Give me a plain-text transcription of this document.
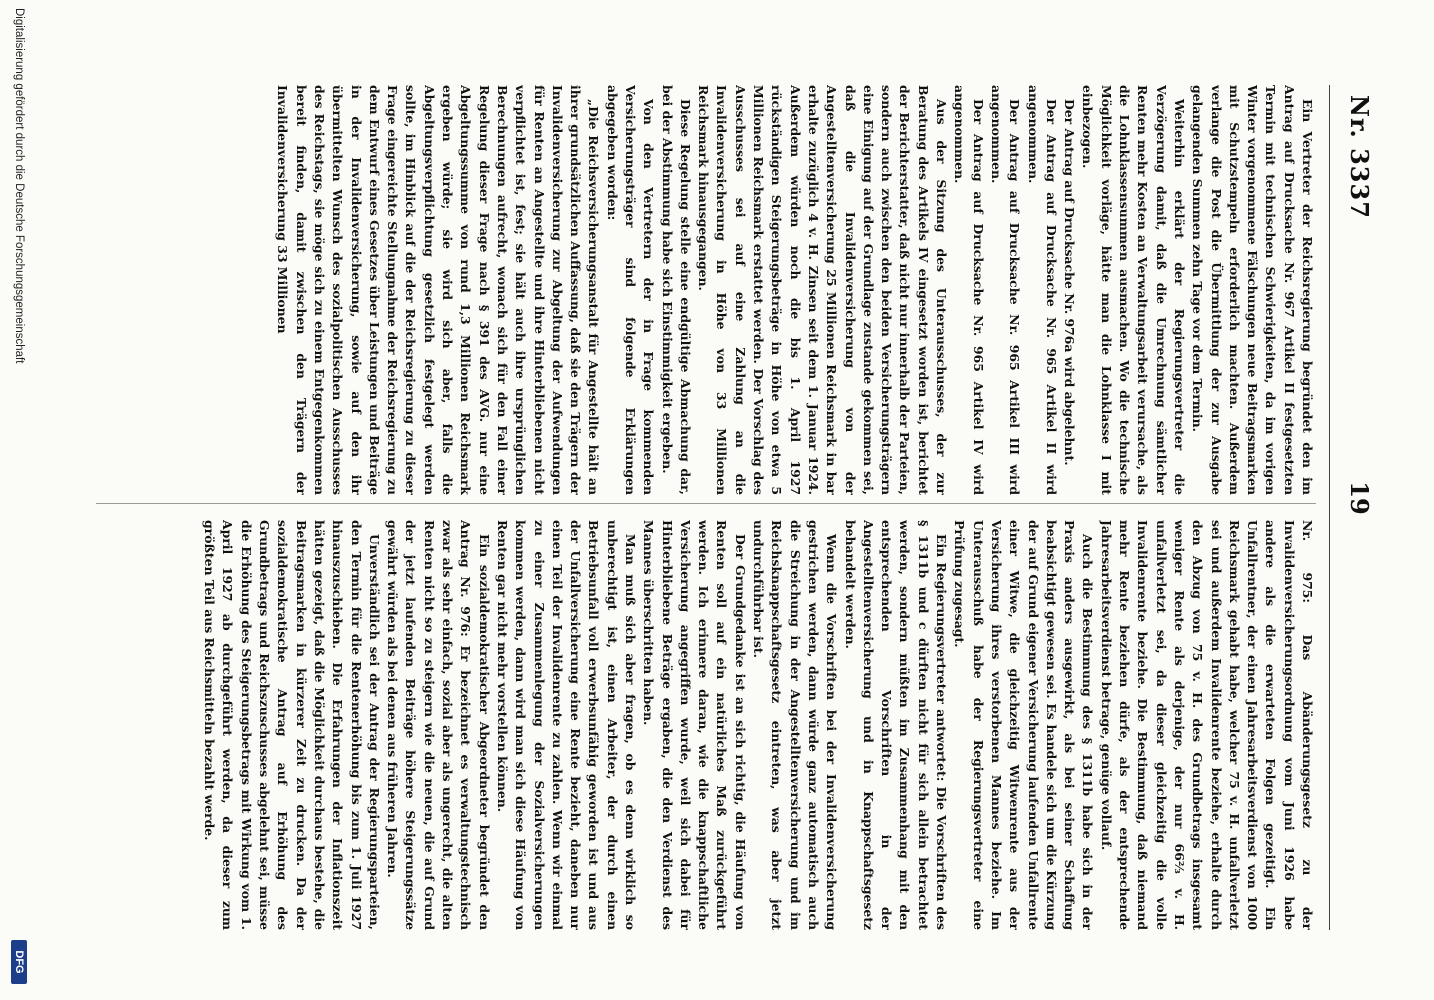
Nr. 3337
19

Ein Vertreter der Reichsregierung begründet den im Antrag auf Drucksache Nr. 967 Artikel II festgesetzten Termin mit technischen Schwierigkeiten, da im vorigen Winter vorgenommene Fälschungen neue Beitragsmarken mit Schutzstempeln erforderlich machten. Außerdem verlange die Post die Übermittlung der zur Ausgabe gelangenden Summen zehn Tage vor dem Termin.

Weiterhin erklärt der Regierungsvertreter die Verzögerung damit, daß die Umrechnung sämtlicher Renten mehr Kosten an Verwaltungsarbeit verursache, als die Lohnklassensummen ausmachen. Wo die technische Möglichkeit vorläge, hätte man die Lohnklasse I mit einbezogen.

Der Antrag auf Drucksache Nr. 976a wird abgelehnt.

Der Antrag auf Drucksache Nr. 965 Artikel II wird angenommen.

Der Antrag auf Drucksache Nr. 965 Artikel III wird angenommen.

Der Antrag auf Drucksache Nr. 965 Artikel IV wird angenommen.

Aus der Sitzung des Unterausschusses, der zur Beratung des Artikels IV eingesetzt worden ist, berichtet der Berichterstatter, daß nicht nur innerhalb der Parteien, sondern auch zwischen den beiden Versicherungsträgern eine Einigung auf der Grundlage zustande gekommen sei, daß die Invalidenversicherung von der Angestelltenversicherung 25 Millionen Reichsmark in bar erhalte zuzüglich 4 v. H. Zinsen seit dem 1. Januar 1924. Außerdem würden noch die bis 1. April 1927 rückständigen Steigerungsbeträge in Höhe von etwa 5 Millionen Reichsmark erstattet werden. Der Vorschlag des Ausschusses sei auf eine Zahlung an die Invalidenversicherung in Höhe von 33 Millionen Reichsmark hinausgegangen.

Diese Regelung stelle eine endgültige Abmachung dar, bei der Abstimmung habe sich Einstimmigkeit ergeben.

Von den Vertretern der in Frage kommenden Versicherungsträger sind folgende Erklärungen abgegeben worden:

„Die Reichsversicherungsanstalt für Angestellte hält an ihrer grundsätzlichen Auffassung, daß sie den Trägern der Invalidenversicherung zur Abgeltung der Aufwendungen für Renten an Angestellte und ihre Hinterbliebenen nicht verpflichtet ist, fest; sie hält auch ihre ursprünglichen Berechnungen aufrecht, wonach sich für den Fall einer Regelung dieser Frage nach § 391 des AVG. nur eine Abgeltungssumme von rund 1,3 Millionen Reichsmark ergeben würde; sie wird sich aber, falls die Abgeltungsverpflichtung gesetzlich festgelegt werden sollte, im Hinblick auf die der Reichsregierung zu dieser Frage eingereichte Stellungnahme der Reichsregierung zu dem Entwurf eines Gesetzes über Leistungen und Beiträge in der Invalidenversicherung, sowie auf den ihr übermittelten Wunsch des sozialpolitischen Ausschusses des Reichstags, sie möge sich zu einem Entgegenkommen bereit finden, damit zwischen den Trägern der Invalidenversicherung 33 Millionen

Nr. 975: Das Abänderungsgesetz zu der Invalidenversicherungsordnung vom Juni 1926 habe andere als die erwarteten Folgen gezeitigt. Ein Unfallrentner, der einen Jahresarbeitsverdienst von 1000 Reichsmark gehabt habe, welcher 75 v. H. unfallverletzt sei und außerdem Invalidenrente beziehe, erhalte durch den Abzug von 75 v. H. des Grundbetrags insgesamt weniger Rente als derjenige, der nur 66⅔ v. H. unfallverletzt sei, da dieser gleichzeitig die volle Invalidenrente beziehe. Die Bestimmung, daß niemand mehr Rente beziehen dürfe, als der entsprechende Jahresarbeitsverdienst betrage, genüge vollauf.

Auch die Bestimmung des § 1311b habe sich in der Praxis anders ausgewirkt, als bei seiner Schaffung beabsichtigt gewesen sei. Es handele sich um die Kürzung der auf Grund eigener Versicherung laufenden Unfallrente einer Witwe, die gleichzeitig Witwenrente aus der Versicherung ihres verstorbenen Mannes beziehe. Im Unterausschuß habe der Regierungsvertreter eine Prüfung zugesagt.

Ein Regierungsvertreter antwortet: Die Vorschriften des § 1311b und c dürften nicht für sich allein betrachtet werden, sondern müßten im Zusammenhang mit den entsprechenden Vorschriften in der Angestelltenversicherung und in Knappschaftsgesetz behandelt werden.

Wenn die Vorschriften bei der Invalidenversicherung gestrichen werden, dann würde ganz automatisch auch die Streichung in der Angestelltenversicherung und im Reichsknappschaftsgesetz eintreten, was aber jetzt undurchführbar ist.

Der Grundgedanke ist an sich richtig, die Häufung von Renten soll auf ein natürliches Maß zurückgeführt werden. Ich erinnere daran, wie die knappschaftliche Versicherung angegriffen wurde, weil sich dabei für Hinterbliebene Beträge ergaben, die den Verdienst des Mannes überschritten haben.

Man muß sich aber fragen, ob es denn wirklich so unberechtigt ist, einen Arbeiter, der durch einen Betriebsunfall voll erwerbsunfähig geworden ist und aus der Unfallversicherung eine Rente bezieht, daneben nur einen Teil der Invalidenrente zu zahlen. Wenn wir einmal zu einer Zusammenlegung der Sozialversicherungen kommen werden, dann wird man sich diese Häufung von Renten gar nicht mehr vorstellen können.

Ein sozialdemokratischer Abgeordneter begründet den Antrag Nr. 976: Er bezeichnet es verwaltungstechnisch zwar als sehr einfach, sozial aber als ungerecht, die alten Renten nicht so zu steigern wie die neuen, die auf Grund der jetzt laufenden Beiträge höhere Steigerungssätze gewährt würden als bei denen aus früheren Jahren.

Unverständlich sei der Antrag der Regierungsparteien, den Termin für die Rentenerhöhung bis zum 1. Juli 1927 hinauszuschieben. Die Erfahrungen der Inflationszeit hätten gezeigt, daß die Möglichkeit durchaus bestehe, die Beitragsmarken in kürzerer Zeit zu drucken. Da der sozialdemokratische Antrag auf Erhöhung des Grundbetrags und Reichszuschusses abgelehnt sei, müsse die Erhöhung des Steigerungsbetrags mit Wirkung vom 1. April 1927 ab durchgeführt werden, da dieser zum größten Teil aus Reichsmitteln bezahlt werde.

Digitalisierung gefördert durch die Deutsche Forschungsgemeinschaft
DFG
